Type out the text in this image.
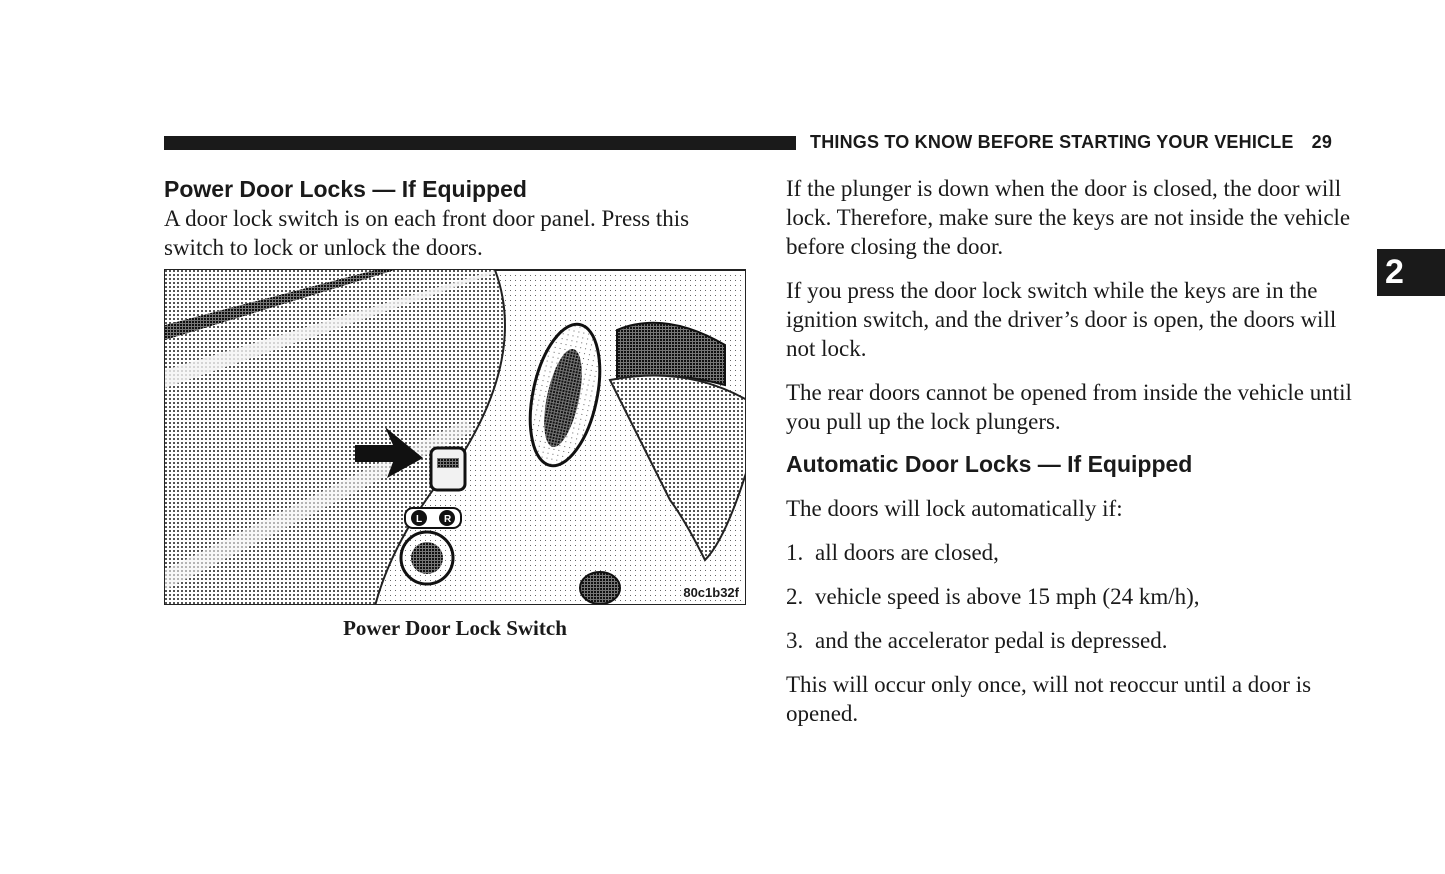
THINGS TO KNOW BEFORE STARTING YOUR VEHICLE 29
2
Power Door Locks — If Equipped

A door lock switch is on each front door panel. Press this switch to lock or unlock the doors.

L R
80c1b32f
Power Door Lock Switch

If the plunger is down when the door is closed, the door will lock. Therefore, make sure the keys are not inside the vehicle before closing the door.

If you press the door lock switch while the keys are in the ignition switch, and the driver’s door is open, the doors will not lock.

The rear doors cannot be opened from inside the vehicle until you pull up the lock plungers.

Automatic Door Locks — If Equipped

The doors will lock automatically if:

1. all doors are closed,

2. vehicle speed is above 15 mph (24 km/h),

3. and the accelerator pedal is depressed.

This will occur only once, will not reoccur until a door is opened.
